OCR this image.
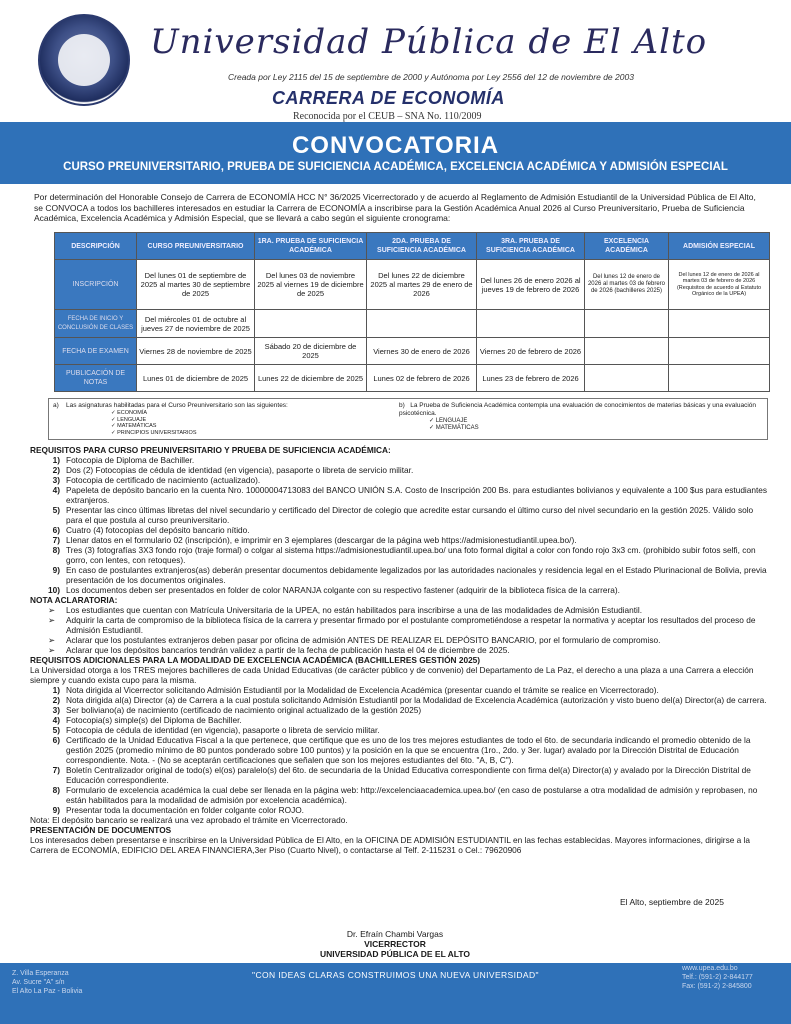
Universidad Pública de El Alto
Creada por Ley 2115 del 15 de septiembre de 2000 y Autónoma por Ley 2556 del 12 de noviembre de 2003
CARRERA DE ECONOMÍA
Reconocida por el CEUB – SNA No. 110/2009
CONVOCATORIA
CURSO PREUNIVERSITARIO, PRUEBA DE SUFICIENCIA ACADÉMICA, EXCELENCIA ACADÉMICA Y ADMISIÓN ESPECIAL
Por determinación del Honorable Consejo de Carrera de ECONOMÍA HCC N° 36/2025 Vicerrectorado y de acuerdo al Reglamento de Admisión Estudiantil de la Universidad Pública de El Alto, se CONVOCA a todos los bachilleres interesados en estudiar la Carrera de ECONOMÍA a inscribirse para la Gestión Académica Anual 2026 al Curso Preuniversitario, Prueba de Suficiencia Académica, Excelencia Académica y Admisión Especial, que se llevará a cabo según el siguiente cronograma:
DESCRIPCIÓN	CURSO PREUNIVERSITARIO	1RA. PRUEBA DE SUFICIENCIA ACADÉMICA	2DA. PRUEBA DE SUFICIENCIA ACADÉMICA	3RA. PRUEBA DE SUFICIENCIA ACADÉMICA	EXCELENCIA ACADÉMICA	ADMISIÓN ESPECIAL
INSCRIPCIÓN	Del lunes 01 de septiembre de 2025 al martes 30 de septiembre de 2025	Del lunes 03 de noviembre 2025 al viernes 19 de diciembre de 2025	Del lunes 22 de diciembre 2025 al martes 29 de enero de 2026	Del lunes 26 de enero 2026 al jueves 19 de febrero de 2026	Del lunes 12 de enero de 2026 al martes 03 de febrero de 2026 (bachilleres 2025)	Del lunes 12 de enero de 2026 al martes 03 de febrero de 2026 (Requisitos de acuerdo al Estatuto Orgánico de la UPEA)
FECHA DE INICIO Y CONCLUSIÓN DE CLASES	Del miércoles 01 de octubre al jueves 27 de noviembre de 2025					
FECHA DE EXAMEN	Viernes 28 de noviembre de 2025	Sábado 20 de diciembre de 2025	Viernes 30 de enero de 2026	Viernes 20 de febrero de 2026		
PUBLICACIÓN DE NOTAS	Lunes 01 de diciembre de 2025	Lunes 22 de diciembre de 2025	Lunes 02 de febrero de 2026	Lunes 23 de febrero de 2026		
a) Las asignaturas habilitadas para el Curso Preuniversitario son las siguientes:
✓ ECONOMÍA
✓ LENGUAJE
✓ MATEMÁTICAS
✓ PRINCIPIOS UNIVERSITARIOS
b) La Prueba de Suficiencia Académica contempla una evaluación de conocimientos de materias básicas y una evaluación psicotécnica.
✓ LENGUAJE
✓ MATEMÁTICAS
REQUISITOS PARA CURSO PREUNIVERSITARIO Y PRUEBA DE SUFICIENCIA ACADÉMICA:
1) Fotocopia de Diploma de Bachiller.
2) Dos (2) Fotocopias de cédula de identidad (en vigencia), pasaporte o libreta de servicio militar.
3) Fotocopia de certificado de nacimiento (actualizado).
4) Papeleta de depósito bancario en la cuenta Nro. 10000004713083 del BANCO UNIÓN S.A. Costo de Inscripción 200 Bs. para estudiantes bolivianos y equivalente a 100 $us para estudiantes extranjeros.
5) Presentar las cinco últimas libretas del nivel secundario y certificado del Director de colegio que acredite estar cursando el último curso del nivel secundario en la gestión 2025. Válido solo para el que postula al curso preuniversitario.
6) Cuatro (4) fotocopias del depósito bancario nítido.
7) Llenar datos en el formulario 02 (inscripción), e imprimir en 3 ejemplares (descargar de la página web https://admisionestudiantil.upea.bo/).
8) Tres (3) fotografías 3X3 fondo rojo (traje formal) o colgar al sistema https://admisionestudiantil.upea.bo/ una foto formal digital a color con fondo rojo 3x3 cm. (prohibido subir fotos selfi, con gorro, con lentes, con retoques).
9) En caso de postulantes extranjeros(as) deberán presentar documentos debidamente legalizados por las autoridades nacionales y residencia legal en el Estado Plurinacional de Bolivia, previa presentación de los documentos originales.
10) Los documentos deben ser presentados en folder de color NARANJA colgante con su respectivo fastener (adquirir de la biblioteca física de la carrera).
NOTA ACLARATORIA:
➢ Los estudiantes que cuentan con Matrícula Universitaria de la UPEA, no están habilitados para inscribirse a una de las modalidades de Admisión Estudiantil.
➢ Adquirir la carta de compromiso de la biblioteca física de la carrera y presentar firmado por el postulante comprometiéndose a respetar la normativa y aceptar los resultados del proceso de Admisión Estudiantil.
➢ Aclarar que los postulantes extranjeros deben pasar por oficina de admisión ANTES DE REALIZAR EL DEPÓSITO BANCARIO, por el formulario de compromiso.
➢ Aclarar que los depósitos bancarios tendrán validez a partir de la fecha de publicación hasta el 04 de diciembre de 2025.
REQUISITOS ADICIONALES PARA LA MODALIDAD DE EXCELENCIA ACADÉMICA (BACHILLERES GESTIÓN 2025)
La Universidad otorga a los TRES mejores bachilleres de cada Unidad Educativas (de carácter público y de convenio) del Departamento de La Paz, el derecho a una plaza a una Carrera a elección siempre y cuando exista cupo para la misma.
1) Nota dirigida al Vicerrector solicitando Admisión Estudiantil por la Modalidad de Excelencia Académica (presentar cuando el trámite se realice en Vicerrectorado).
2) Nota dirigida al(a) Director (a) de Carrera a la cual postula solicitando Admisión Estudiantil por la Modalidad de Excelencia Académica (autorización y visto bueno del(a) Director(a) de carrera.
3) Ser boliviano(a) de nacimiento (certificado de nacimiento original actualizado de la gestión 2025)
4) Fotocopia(s) simple(s) del Diploma de Bachiller.
5) Fotocopia de cédula de identidad (en vigencia), pasaporte o libreta de servicio militar.
6) Certificado de la Unidad Educativa Fiscal a la que pertenece, que certifique que es uno de los tres mejores estudiantes de todo el 6to. de secundaria indicando el promedio obtenido de la gestión 2025 (promedio mínimo de 80 puntos ponderado sobre 100 puntos) y la posición en la que se encuentra (1ro., 2do. y 3er. lugar) avalado por la Dirección Distrital de Educación correspondiente. Nota. - (No se aceptarán certificaciones que señalen que son los mejores estudiantes del 6to. "A, B, C").
7) Boletín Centralizador original de todo(s) el(os) paralelo(s) del 6to. de secundaria de la Unidad Educativa correspondiente con firma del(a) Director(a) y avalado por la Dirección Distrital de Educación correspondiente.
8) Formulario de excelencia académica la cual debe ser llenada en la página web: http://excelenciaacademica.upea.bo/ (en caso de postularse a otra modalidad de admisión y reprobasen, no están habilitados para la modalidad de admisión por excelencia académica).
9) Presentar toda la documentación en folder colgante color ROJO.
Nota: El depósito bancario se realizará una vez aprobado el trámite en Vicerrectorado.
PRESENTACIÓN DE DOCUMENTOS
Los interesados deben presentarse e inscribirse en la Universidad Pública de El Alto, en la OFICINA DE ADMISIÓN ESTUDIANTIL en las fechas establecidas. Mayores informaciones, dirigirse a la Carrera de ECONOMÍA, EDIFICIO DEL AREA FINANCIERA,3er Piso (Cuarto Nivel), o contactarse al Telf. 2-115231 o Cel.: 79620906
El Alto, septiembre de 2025
Dr. Efraín Chambi Vargas
VICERRECTOR
UNIVERSIDAD PÚBLICA DE EL ALTO
Z. Villa Esperanza
Av. Sucre "A" s/n
El Alto La Paz - Bolivia
"CON IDEAS CLARAS CONSTRUIMOS UNA NUEVA UNIVERSIDAD"
www.upea.edu.bo
Telf.: (591-2) 2-844177
Fax: (591-2) 2-845800
